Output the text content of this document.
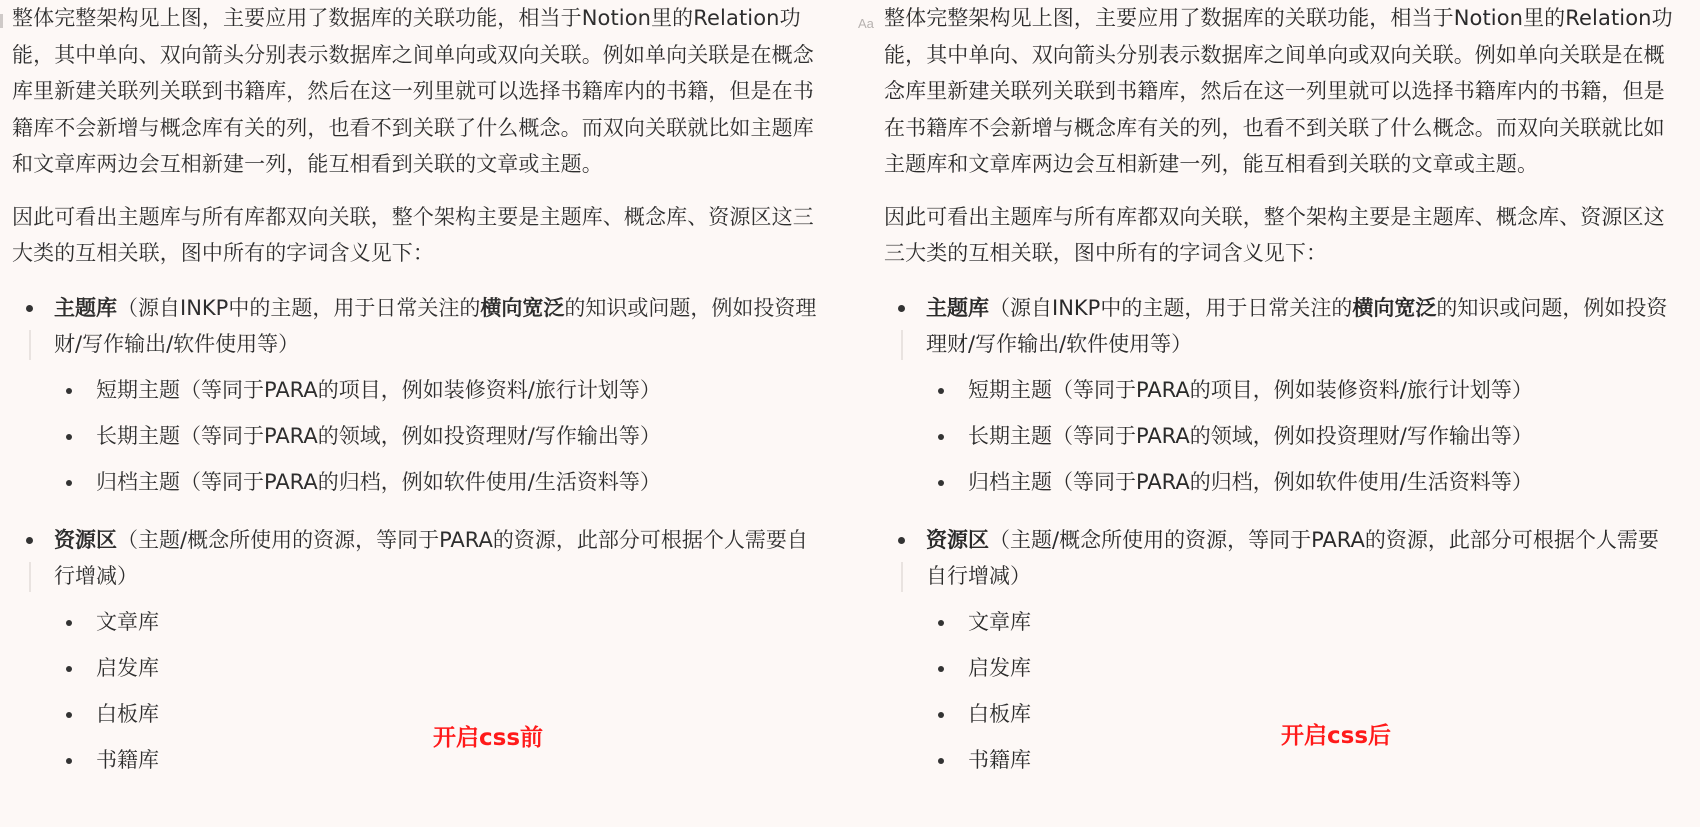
整体完整架构见上图，主要应用了数据库的关联功能，相当于Notion里的Relation功能，其中单向、双向箭头分别表示数据库之间单向或双向关联。例如单向关联是在概念库里新建关联列关联到书籍库，然后在这一列里就可以选择书籍库内的书籍，但是在书籍库不会新增与概念库有关的列，也看不到关联了什么概念。而双向关联就比如主题库和文章库两边会互相新建一列，能互相看到关联的文章或主题。

因此可看出主题库与所有库都双向关联，整个架构主要是主题库、概念库、资源区这三大类的互相关联，图中所有的字词含义见下：

主题库（源自INKP中的主题，用于日常关注的横向宽泛的知识或问题，例如投资理财/写作输出/软件使用等）
短期主题（等同于PARA的项目，例如装修资料/旅行计划等）
长期主题（等同于PARA的领域，例如投资理财/写作输出等）
归档主题（等同于PARA的归档，例如软件使用/生活资料等）
资源区（主题/概念所使用的资源，等同于PARA的资源，此部分可根据个人需要自行增减）
文章库
启发库
白板库
书籍库
开启css前
Aa 整体完整架构见上图，主要应用了数据库的关联功能，相当于Notion里的Relation功能，其中单向、双向箭头分别表示数据库之间单向或双向关联。例如单向关联是在概念库里新建关联列关联到书籍库，然后在这一列里就可以选择书籍库内的书籍，但是在书籍库不会新增与概念库有关的列，也看不到关联了什么概念。而双向关联就比如主题库和文章库两边会互相新建一列，能互相看到关联的文章或主题。

因此可看出主题库与所有库都双向关联，整个架构主要是主题库、概念库、资源区这三大类的互相关联，图中所有的字词含义见下：

主题库（源自INKP中的主题，用于日常关注的横向宽泛的知识或问题，例如投资理财/写作输出/软件使用等）
短期主题（等同于PARA的项目，例如装修资料/旅行计划等）
长期主题（等同于PARA的领域，例如投资理财/写作输出等）
归档主题（等同于PARA的归档，例如软件使用/生活资料等）
资源区（主题/概念所使用的资源，等同于PARA的资源，此部分可根据个人需要自行增减）
文章库
启发库
白板库
书籍库
开启css后
